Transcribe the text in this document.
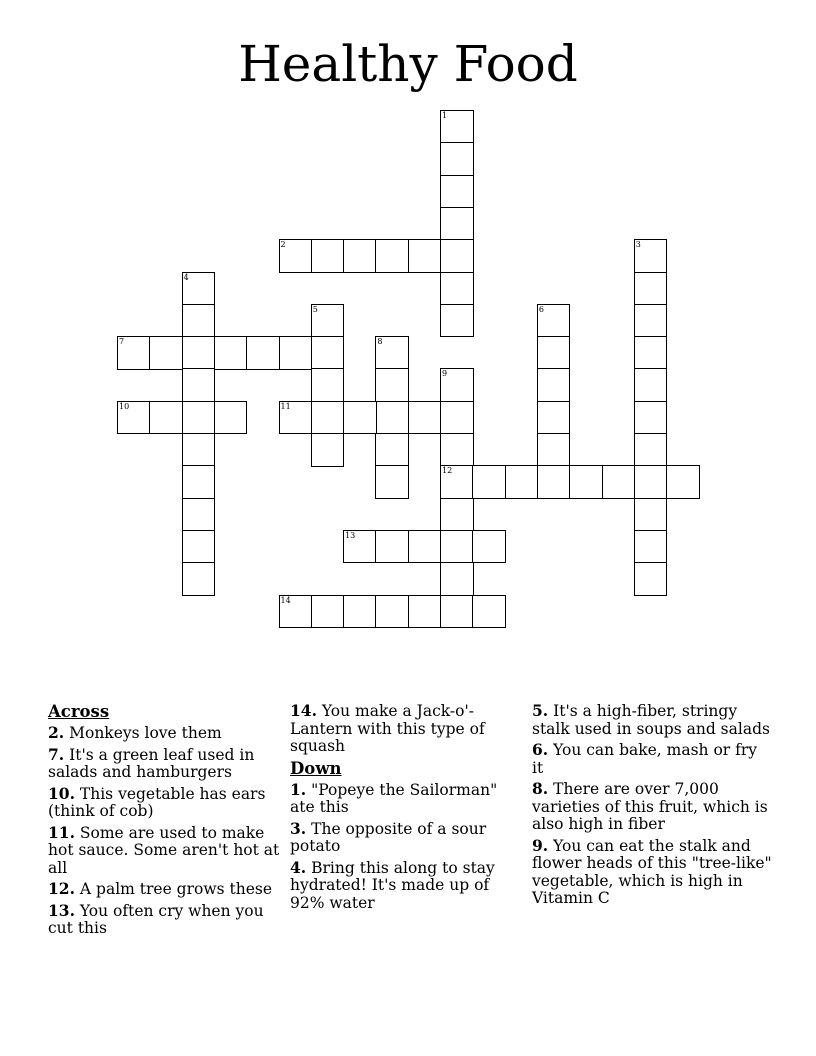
Healthy Food
1
2	3
4
5	6
7	8
9
12
10	11
13
14
Across
2. Monkeys love them
7. It's a green leaf used in salads and hamburgers
10. This vegetable has ears (think of cob)
11. Some are used to make hot sauce. Some aren't hot at all
12. A palm tree grows these
13. You often cry when you cut this
14. You make a Jack-o'-Lantern with this type of squash
Down
1. "Popeye the Sailorman" ate this
3. The opposite of a sour potato
4. Bring this along to stay hydrated! It's made up of 92% water
5. It's a high-fiber, stringy stalk used in soups and salads
6. You can bake, mash or fry it
8. There are over 7,000 varieties of this fruit, which is also high in fiber
9. You can eat the stalk and flower heads of this "tree-like" vegetable, which is high in Vitamin C
